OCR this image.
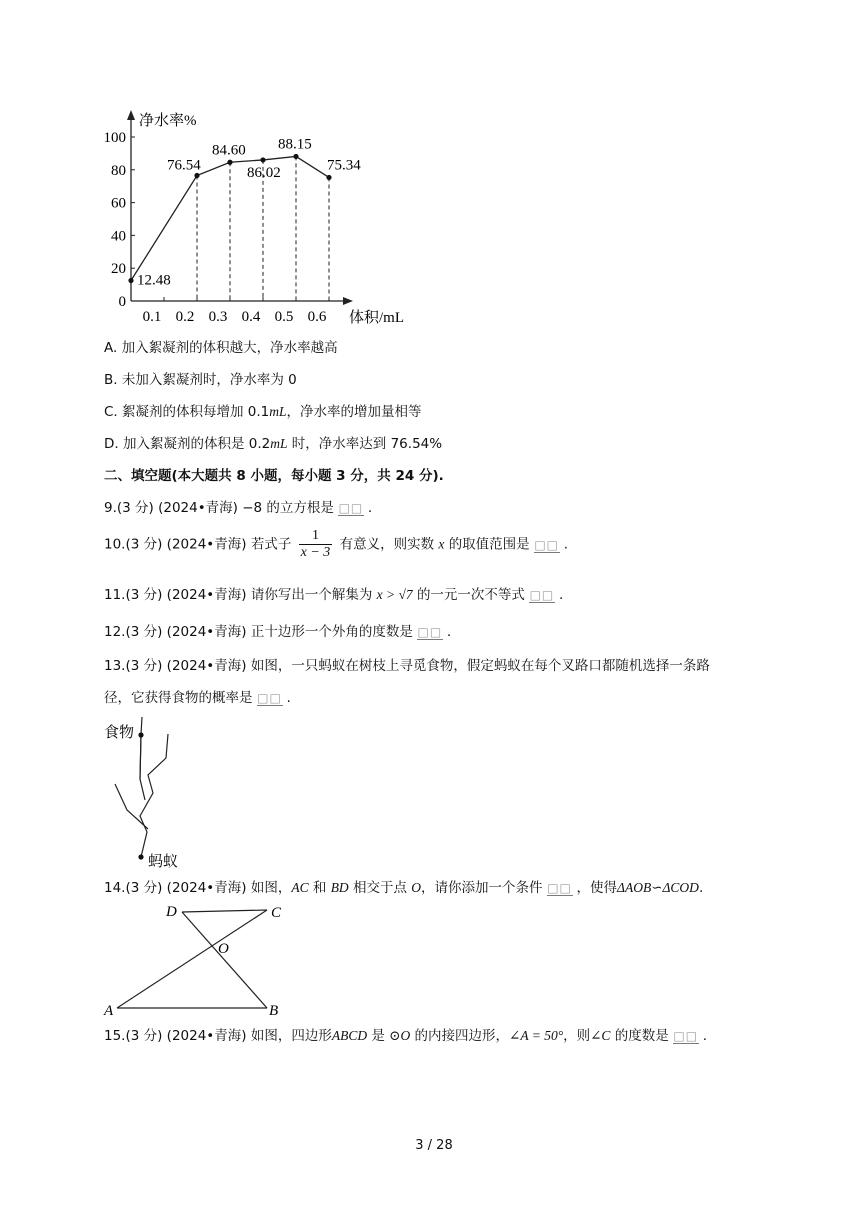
0
20
40
60
80
100
0.1 0.2 0.3 0.4 0.5 0.6
12.48
76.54
84.60
86.02
88.15
75.34
净水率%
体积/mL
A. 加入絮凝剂的体积越大，净水率越高
B. 未加入絮凝剂时，净水率为 0
C. 絮凝剂的体积每增加 0.1mL，净水率的增加量相等
D. 加入絮凝剂的体积是 0.2mL 时，净水率达到 76.54%
二、填空题(本大题共 8 小题，每小题 3 分，共 24 分).
9.(3 分) (2024•青海) −8 的立方根是 □□ .
10.(3 分) (2024•青海) 若式子 $\frac{1}{x - 3}$ 有意义，则实数 x 的取值范围是 □□ .
11.(3 分) (2024•青海) 请你写出一个解集为 x > √7 的一元一次不等式 □□ .
12.(3 分) (2024•青海) 正十边形一个外角的度数是 □□ .
13.(3 分) (2024•青海) 如图，一只蚂蚁在树枝上寻觅食物，假定蚂蚁在每个叉路口都随机选择一条路
径，它获得食物的概率是 □□ .
食物
蚂蚁
14.(3 分) (2024•青海) 如图，AC 和 BD 相交于点 O，请你添加一个条件 □□ ，使得ΔAOB∽ΔCOD.
D	C
O
A	B
15.(3 分) (2024•青海) 如图，四边形ABCD 是 ⊙O 的内接四边形，∠A = 50°，则∠C 的度数是 □□ .
3 / 28
